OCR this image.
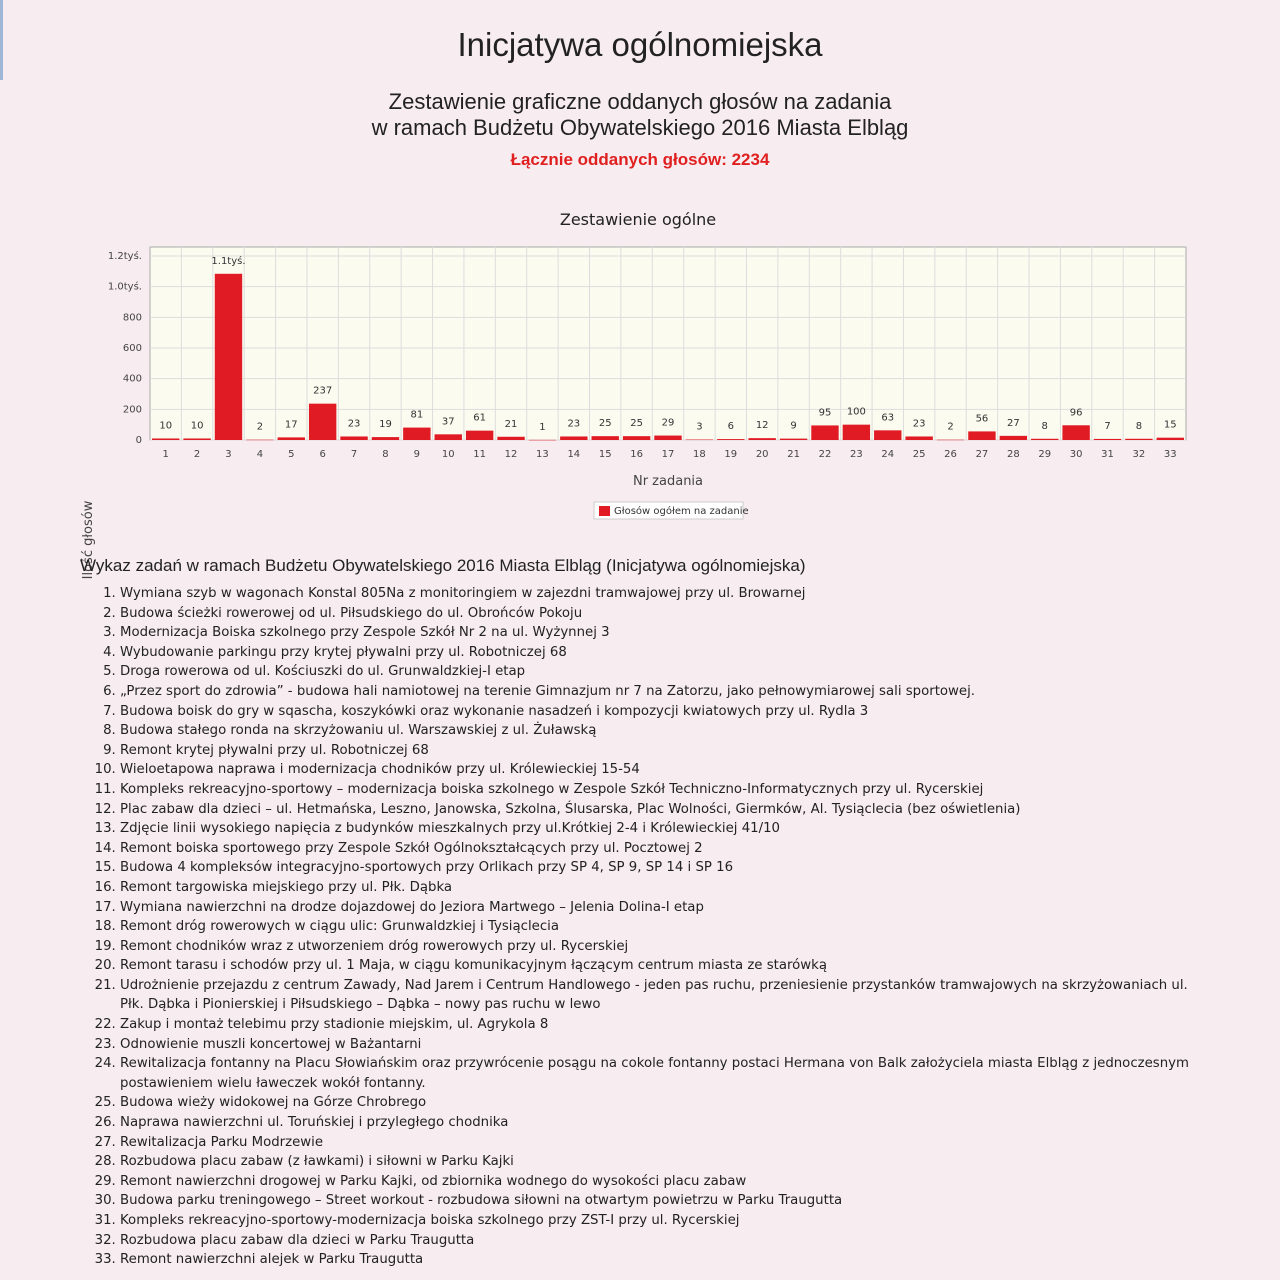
Inicjatywa ogólnomiejska
Zestawienie graficzne oddanych głosów na zadania
w ramach Budżetu Obywatelskiego 2016 Miasta Elbląg
Łącznie oddanych głosów: 2234
Zestawienie ogólne
10 10
1.1tyś.
2 17
237
23 19
81
37 61
21 1 23 25 25 29 3	6 12 9
95 100
63
23 2
56 27 8
96
7	8 15
0
200
400
600
800
1.0tyś.
1.2tyś.
1	2	3	4	5	6	7	8	9 10 11 12 13 14 15 16 17 18 19 20 21 22 23 24 25 26 27 28 29 30 31 32 33
Ilość głosów
Nr zadania
Głosów ogółem na zadanie
Wykaz zadań w ramach Budżetu Obywatelskiego 2016 Miasta Elbląg (Inicjatywa ogólnomiejska)
1. Wymiana szyb w wagonach Konstal 805Na z monitoringiem w zajezdni tramwajowej przy ul. Browarnej
2. Budowa ścieżki rowerowej od ul. Piłsudskiego do ul. Obrońców Pokoju
3. Modernizacja Boiska szkolnego przy Zespole Szkół Nr 2 na ul. Wyżynnej 3
4. Wybudowanie parkingu przy krytej pływalni przy ul. Robotniczej 68
5. Droga rowerowa od ul. Kościuszki do ul. Grunwaldzkiej-I etap
6. „Przez sport do zdrowia” - budowa hali namiotowej na terenie Gimnazjum nr 7 na Zatorzu, jako pełnowymiarowej sali sportowej.
7. Budowa boisk do gry w sqascha, koszykówki oraz wykonanie nasadzeń i kompozycji kwiatowych przy ul. Rydla 3
8. Budowa stałego ronda na skrzyżowaniu ul. Warszawskiej z ul. Żuławską
9. Remont krytej pływalni przy ul. Robotniczej 68
10. Wieloetapowa naprawa i modernizacja chodników przy ul. Królewieckiej 15-54
11. Kompleks rekreacyjno-sportowy – modernizacja boiska szkolnego w Zespole Szkół Techniczno-Informatycznych przy ul. Rycerskiej
12. Plac zabaw dla dzieci – ul. Hetmańska, Leszno, Janowska, Szkolna, Ślusarska, Plac Wolności, Giermków, Al. Tysiąclecia (bez oświetlenia)
13. Zdjęcie linii wysokiego napięcia z budynków mieszkalnych przy ul.Krótkiej 2-4 i Królewieckiej 41/10
14. Remont boiska sportowego przy Zespole Szkół Ogólnokształcących przy ul. Pocztowej 2
15. Budowa 4 kompleksów integracyjno-sportowych przy Orlikach przy SP 4, SP 9, SP 14 i SP 16
16. Remont targowiska miejskiego przy ul. Płk. Dąbka
17. Wymiana nawierzchni na drodze dojazdowej do Jeziora Martwego – Jelenia Dolina-I etap
18. Remont dróg rowerowych w ciągu ulic: Grunwaldzkiej i Tysiąclecia
19. Remont chodników wraz z utworzeniem dróg rowerowych przy ul. Rycerskiej
20. Remont tarasu i schodów przy ul. 1 Maja, w ciągu komunikacyjnym łączącym centrum miasta ze starówką
21. Udrożnienie przejazdu z centrum Zawady, Nad Jarem i Centrum Handlowego - jeden pas ruchu, przeniesienie przystanków tramwajowych na skrzyżowaniach ul. Płk. Dąbka i Pionierskiej i Piłsudskiego – Dąbka – nowy pas ruchu w lewo
22. Zakup i montaż telebimu przy stadionie miejskim, ul. Agrykola 8
23. Odnowienie muszli koncertowej w Bażantarni
24. Rewitalizacja fontanny na Placu Słowiańskim oraz przywrócenie posągu na cokole fontanny postaci Hermana von Balk założyciela miasta Elbląg z jednoczesnym postawieniem wielu ławeczek wokół fontanny.
25. Budowa wieży widokowej na Górze Chrobrego
26. Naprawa nawierzchni ul. Toruńskiej i przyległego chodnika
27. Rewitalizacja Parku Modrzewie
28. Rozbudowa placu zabaw (z ławkami) i siłowni w Parku Kajki
29. Remont nawierzchni drogowej w Parku Kajki, od zbiornika wodnego do wysokości placu zabaw
30. Budowa parku treningowego – Street workout - rozbudowa siłowni na otwartym powietrzu w Parku Traugutta
31. Kompleks rekreacyjno-sportowy-modernizacja boiska szkolnego przy ZST-I przy ul. Rycerskiej
32. Rozbudowa placu zabaw dla dzieci w Parku Traugutta
33. Remont nawierzchni alejek w Parku Traugutta
